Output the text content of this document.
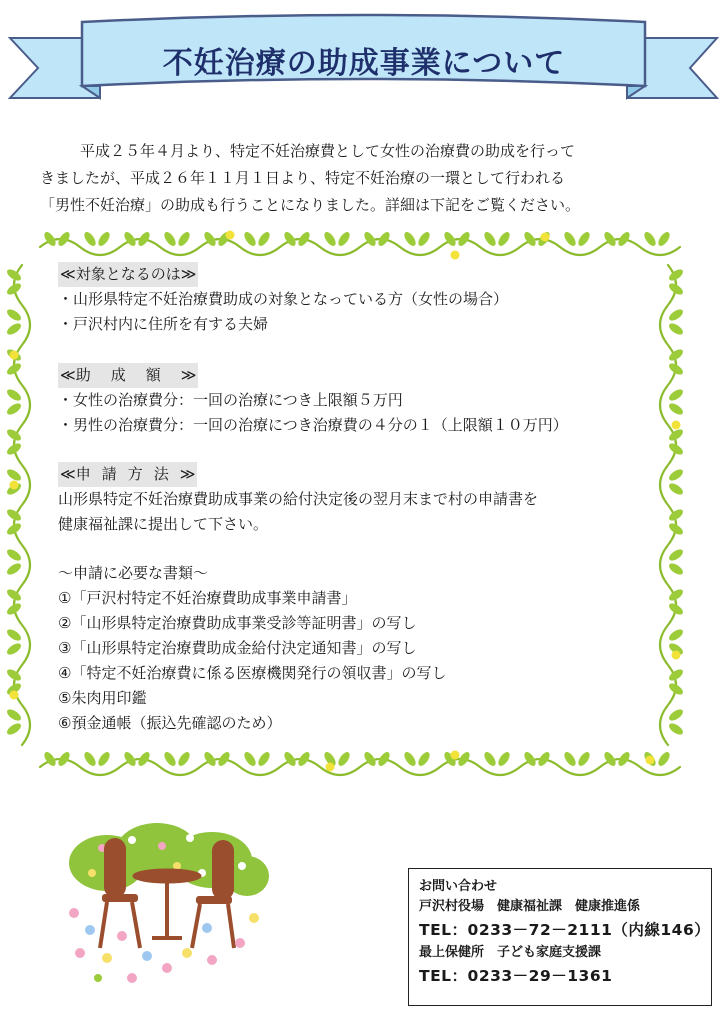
不妊治療の助成事業について

平成２５年４月より、特定不妊治療費として女性の治療費の助成を行って

きましたが、平成２６年１１月１日より、特定不妊治療の一環として行われる

「男性不妊治療」の助成も行うことになりました。詳細は下記をご覧ください。

≪対象となるのは≫
・山形県特定不妊治療費助成の対象となっている方（女性の場合）
・戸沢村内に住所を有する夫婦
≪助成額≫
・女性の治療費分：一回の治療につき上限額５万円
・男性の治療費分：一回の治療につき治療費の４分の１（上限額１０万円）
≪申請方法≫
山形県特定不妊治療費助成事業の給付決定後の翌月末まで村の申請書を
健康福祉課に提出して下さい。
～申請に必要な書類～
①「戸沢村特定不妊治療費助成事業申請書」
②「山形県特定治療費助成事業受診等証明書」の写し
③「山形県特定治療費助成金給付決定通知書」の写し
④「特定不妊治療費に係る医療機関発行の領収書」の写し
⑤朱肉用印鑑
⑥預金通帳（振込先確認のため）
お問い合わせ
戸沢村役場　健康福祉課　健康推進係
TEL：0233－72－2111（内線146）
最上保健所　子ども家庭支援課
TEL：0233－29－1361
